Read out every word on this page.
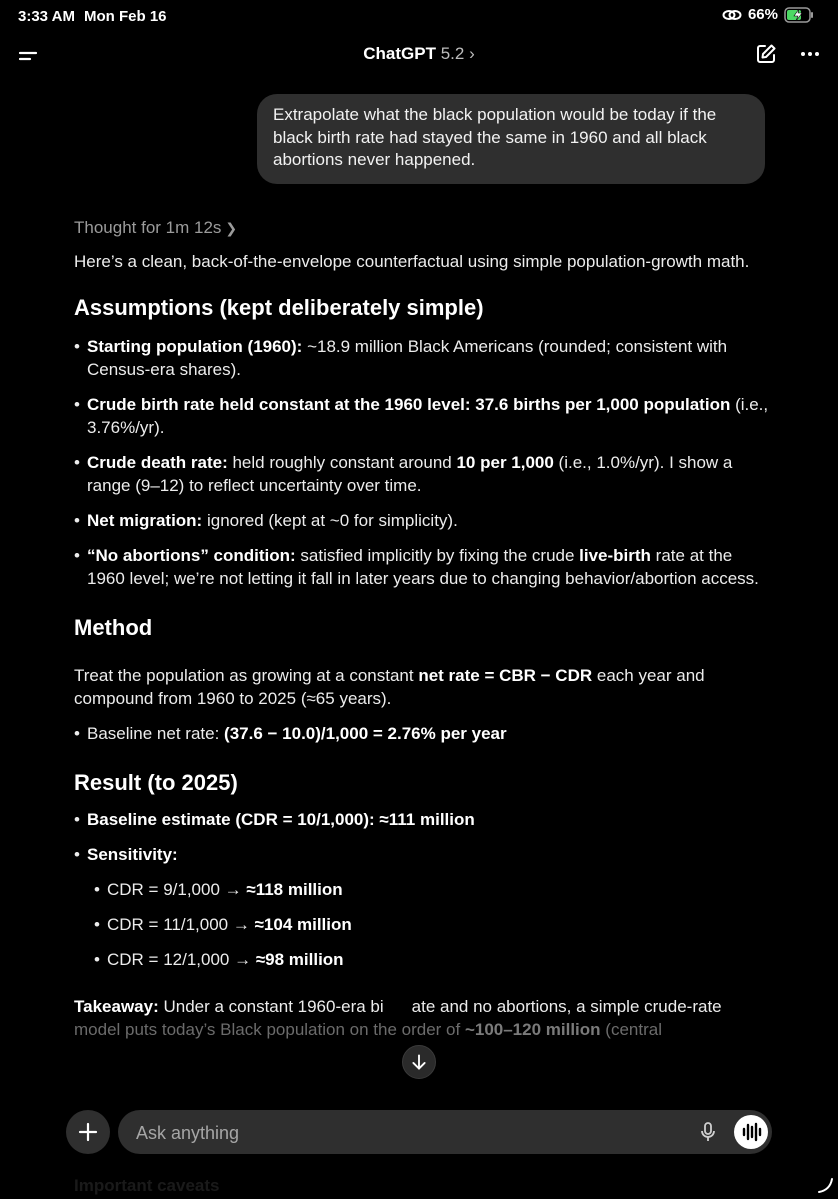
3:33 AM Mon Feb 16	66%
ChatGPT 5.2 ›
Extrapolate what the black population would be today if the black birth rate had stayed the same in 1960 and all black abortions never happened.
Thought for 1m 12s ❯

Here’s a clean, back-of-the-envelope counterfactual using simple population-growth math.

Assumptions (kept deliberately simple)
• Starting population (1960): ~18.9 million Black Americans (rounded; consistent with Census-era shares).
• Crude birth rate held constant at the 1960 level: 37.6 births per 1,000 population (i.e., 3.76%/yr).
• Crude death rate: held roughly constant around 10 per 1,000 (i.e., 1.0%/yr). I show a range (9–12) to reflect uncertainty over time.
• Net migration: ignored (kept at ~0 for simplicity).
• “No abortions” condition: satisfied implicitly by fixing the crude live-birth rate at the 1960 level; we’re not letting it fall in later years due to changing behavior/abortion access.
Method

Treat the population as growing at a constant net rate = CBR − CDR each year and compound from 1960 to 2025 (≈65 years).

• Baseline net rate: (37.6 − 10.0)/1,000 = 2.76% per year
Result (to 2025)
• Baseline estimate (CDR = 10/1,000): ≈111 million
• Sensitivity:
• CDR = 9/1,000 → ≈118 million
• CDR = 11/1,000 → ≈104 million
• CDR = 12/1,000 → ≈98 million

Takeaway: Under a constant 1960-era bi ate and no abortions, a simple crude-rate

model puts today’s Black population on the order of ~100–120 million (central

Important caveats
Ask anything
